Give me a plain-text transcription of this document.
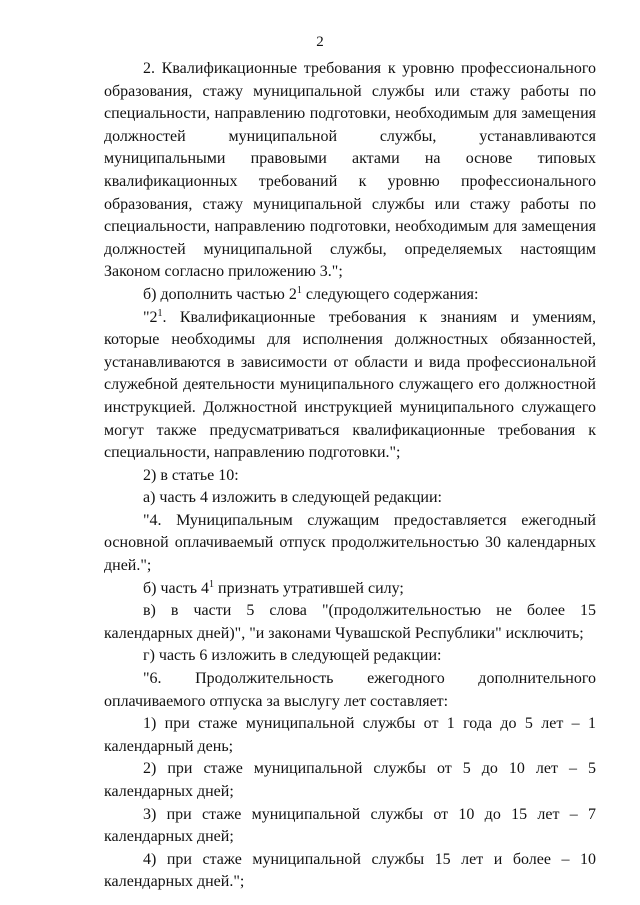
2

2. Квалификационные требования к уровню профессионального образования, стажу муниципальной службы или стажу работы по специальности, направлению подготовки, необходимым для замещения должностей муниципальной службы, устанавливаются муниципальными правовыми актами на основе типовых квалификационных требований к уровню профессионального образования, стажу муниципальной службы или стажу работы по специальности, направлению подготовки, необходимым для замещения должностей муниципальной службы, определяемых настоящим Законом согласно приложению 3.";

б) дополнить частью $2^1$ следующего содержания:

"$2^1$. Квалификационные требования к знаниям и умениям, которые необходимы для исполнения должностных обязанностей, устанавливаются в зависимости от области и вида профессиональной служебной деятельности муниципального служащего его должностной инструкцией. Должностной инструкцией муниципального служащего могут также предусматриваться квалификационные требования к специальности, направлению подготовки.";

2) в статье 10:

а) часть 4 изложить в следующей редакции:

"4. Муниципальным служащим предоставляется ежегодный основной оплачиваемый отпуск продолжительностью 30 календарных дней.";

б) часть $4^1$ признать утратившей силу;

в) в части 5 слова "(продолжительностью не более 15 календарных дней)", "и законами Чувашской Республики" исключить;

г) часть 6 изложить в следующей редакции:

"6. Продолжительность ежегодного дополнительного оплачиваемого отпуска за выслугу лет составляет:

1) при стаже муниципальной службы от 1 года до 5 лет – 1 календарный день;

2) при стаже муниципальной службы от 5 до 10 лет – 5 календарных дней;

3) при стаже муниципальной службы от 10 до 15 лет – 7 календарных дней;

4) при стаже муниципальной службы 15 лет и более – 10 календарных дней.";
